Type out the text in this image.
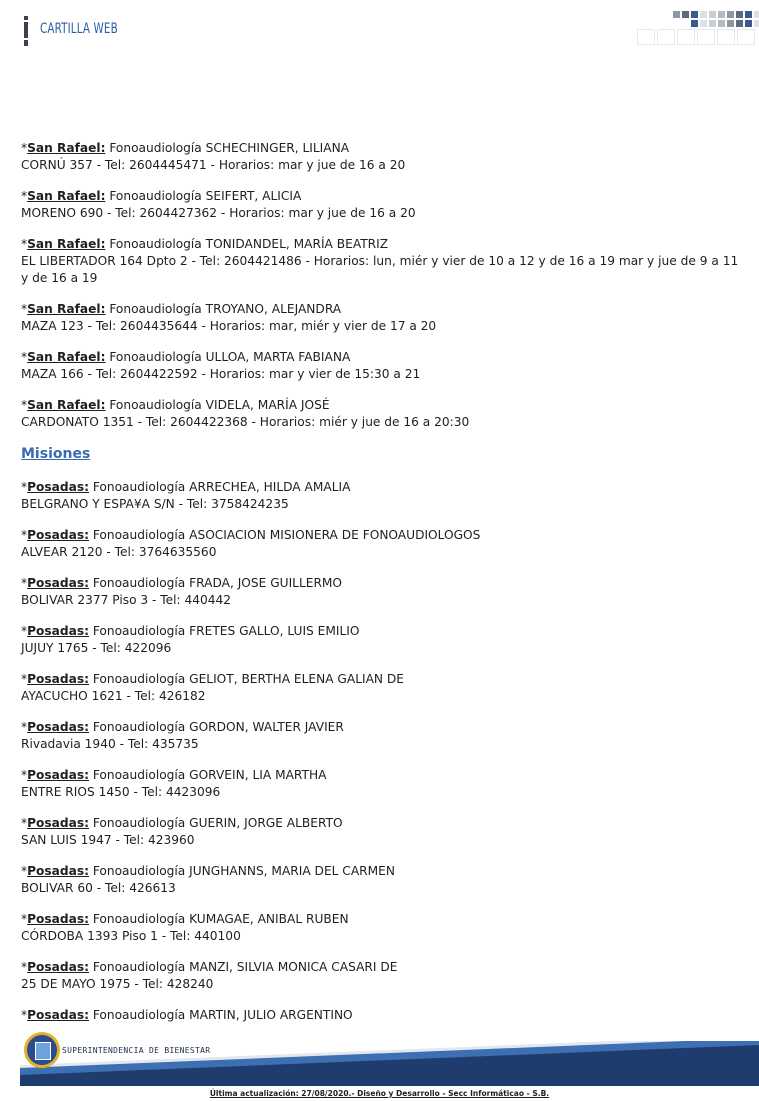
CARTILLA WEB
*San Rafael: Fonoaudiología SCHECHINGER, LILIANA
CORNÚ 357 - Tel: 2604445471 - Horarios: mar y jue de 16 a 20
*San Rafael: Fonoaudiología SEIFERT, ALICIA
MORENO 690 - Tel: 2604427362 - Horarios: mar y jue de 16 a 20
*San Rafael: Fonoaudiología TONIDANDEL, MARÍA BEATRIZ
EL LIBERTADOR 164 Dpto 2 - Tel: 2604421486 - Horarios: lun, miér y vier de 10 a 12 y de 16 a 19 mar y jue de 9 a 11 y de 16 a 19
*San Rafael: Fonoaudiología TROYANO, ALEJANDRA
MAZA 123 - Tel: 2604435644 - Horarios: mar, miér y vier de 17 a 20
*San Rafael: Fonoaudiología ULLOA, MARTA FABIANA
MAZA 166 - Tel: 2604422592 - Horarios: mar y vier de 15:30 a 21
*San Rafael: Fonoaudiología VIDELA, MARÍA JOSÉ
CARDONATO 1351 - Tel: 2604422368 - Horarios: miér y jue de 16 a 20:30
Misiones
*Posadas: Fonoaudiología ARRECHEA, HILDA AMALIA
BELGRANO Y ESPA¥A S/N - Tel: 3758424235
*Posadas: Fonoaudiología ASOCIACION MISIONERA DE FONOAUDIOLOGOS
ALVEAR 2120 - Tel: 3764635560
*Posadas: Fonoaudiología FRADA, JOSE GUILLERMO
BOLIVAR 2377 Piso 3 - Tel: 440442
*Posadas: Fonoaudiología FRETES GALLO, LUIS EMILIO
JUJUY 1765 - Tel: 422096
*Posadas: Fonoaudiología GELIOT, BERTHA ELENA GALIAN DE
AYACUCHO 1621 - Tel: 426182
*Posadas: Fonoaudiología GORDON, WALTER JAVIER
Rivadavia 1940 - Tel: 435735
*Posadas: Fonoaudiología GORVEIN, LIA MARTHA
ENTRE RIOS 1450 - Tel: 4423096
*Posadas: Fonoaudiología GUERIN, JORGE ALBERTO
SAN LUIS 1947 - Tel: 423960
*Posadas: Fonoaudiología JUNGHANNS, MARIA DEL CARMEN
BOLIVAR 60 - Tel: 426613
*Posadas: Fonoaudiología KUMAGAE, ANIBAL RUBEN
CÓRDOBA 1393 Piso 1 - Tel: 440100
*Posadas: Fonoaudiología MANZI, SILVIA MONICA CASARI DE
25 DE MAYO 1975 - Tel: 428240
*Posadas: Fonoaudiología MARTIN, JULIO ARGENTINO
SUPERINTENDENCIA DE BIENESTAR
Última actualización: 27/08/2020.- Diseño y Desarrollo - Secc Informáticao - S.B.
